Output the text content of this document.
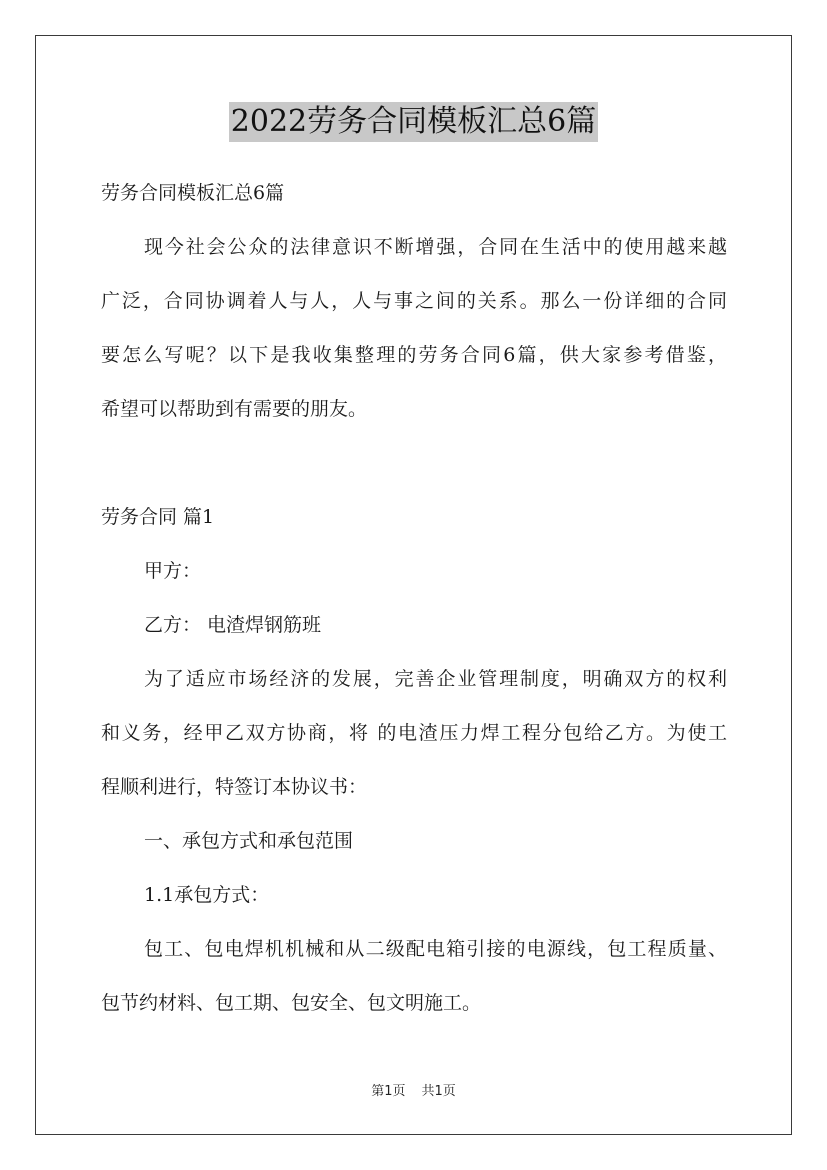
2022劳务合同模板汇总6篇
劳务合同模板汇总6篇
现今社会公众的法律意识不断增强，合同在生活中的使用越来越
广泛，合同协调着人与人，人与事之间的关系。那么一份详细的合同
要怎么写呢？以下是我收集整理的劳务合同6篇，供大家参考借鉴，
希望可以帮助到有需要的朋友。
劳务合同 篇1
甲方：
乙方： 电渣焊钢筋班
为了适应市场经济的发展，完善企业管理制度，明确双方的权利
和义务，经甲乙双方协商，将 的电渣压力焊工程分包给乙方。为使工
程顺利进行，特签订本协议书：
一、承包方式和承包范围
1.1承包方式：
包工、包电焊机机械和从二级配电箱引接的电源线，包工程质量、
包节约材料、包工期、包安全、包文明施工。
第1页 共1页
